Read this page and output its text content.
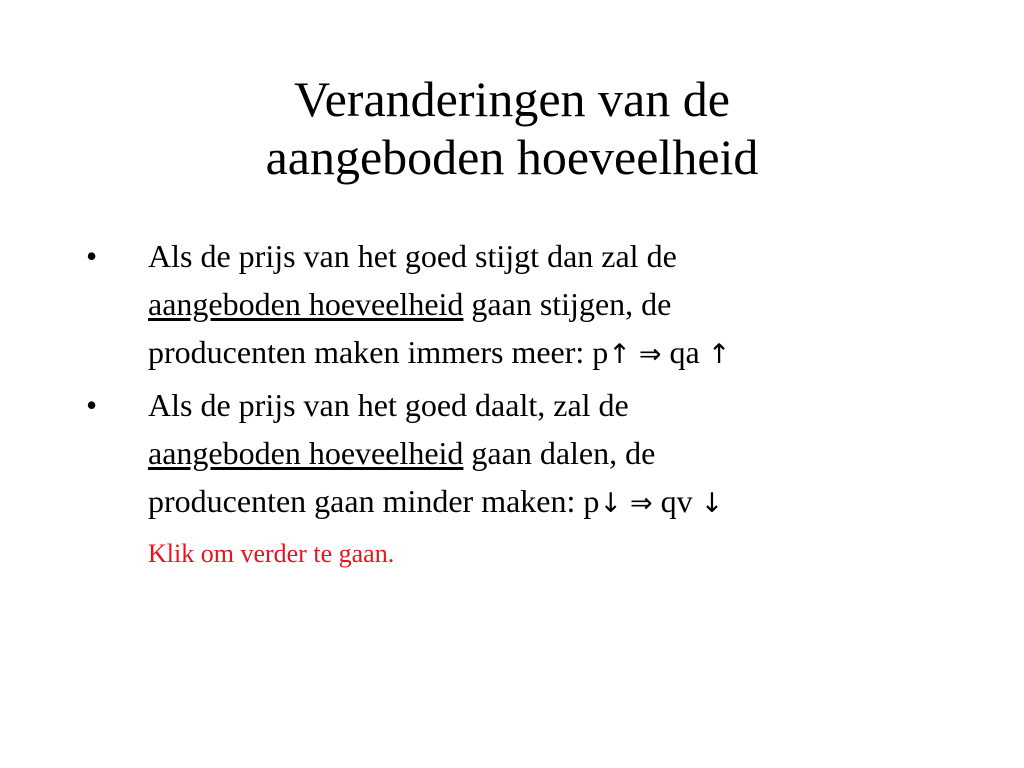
Veranderingen van de
aangeboden hoeveelheid
• Als de prijs van het goed stijgt dan zal de
aangeboden hoeveelheid gaan stijgen, de
producenten maken immers meer: p↑ ⇒ qa ↑
• Als de prijs van het goed daalt, zal de
aangeboden hoeveelheid gaan dalen, de
producenten gaan minder maken: p↓ ⇒ qv ↓
Klik om verder te gaan.
